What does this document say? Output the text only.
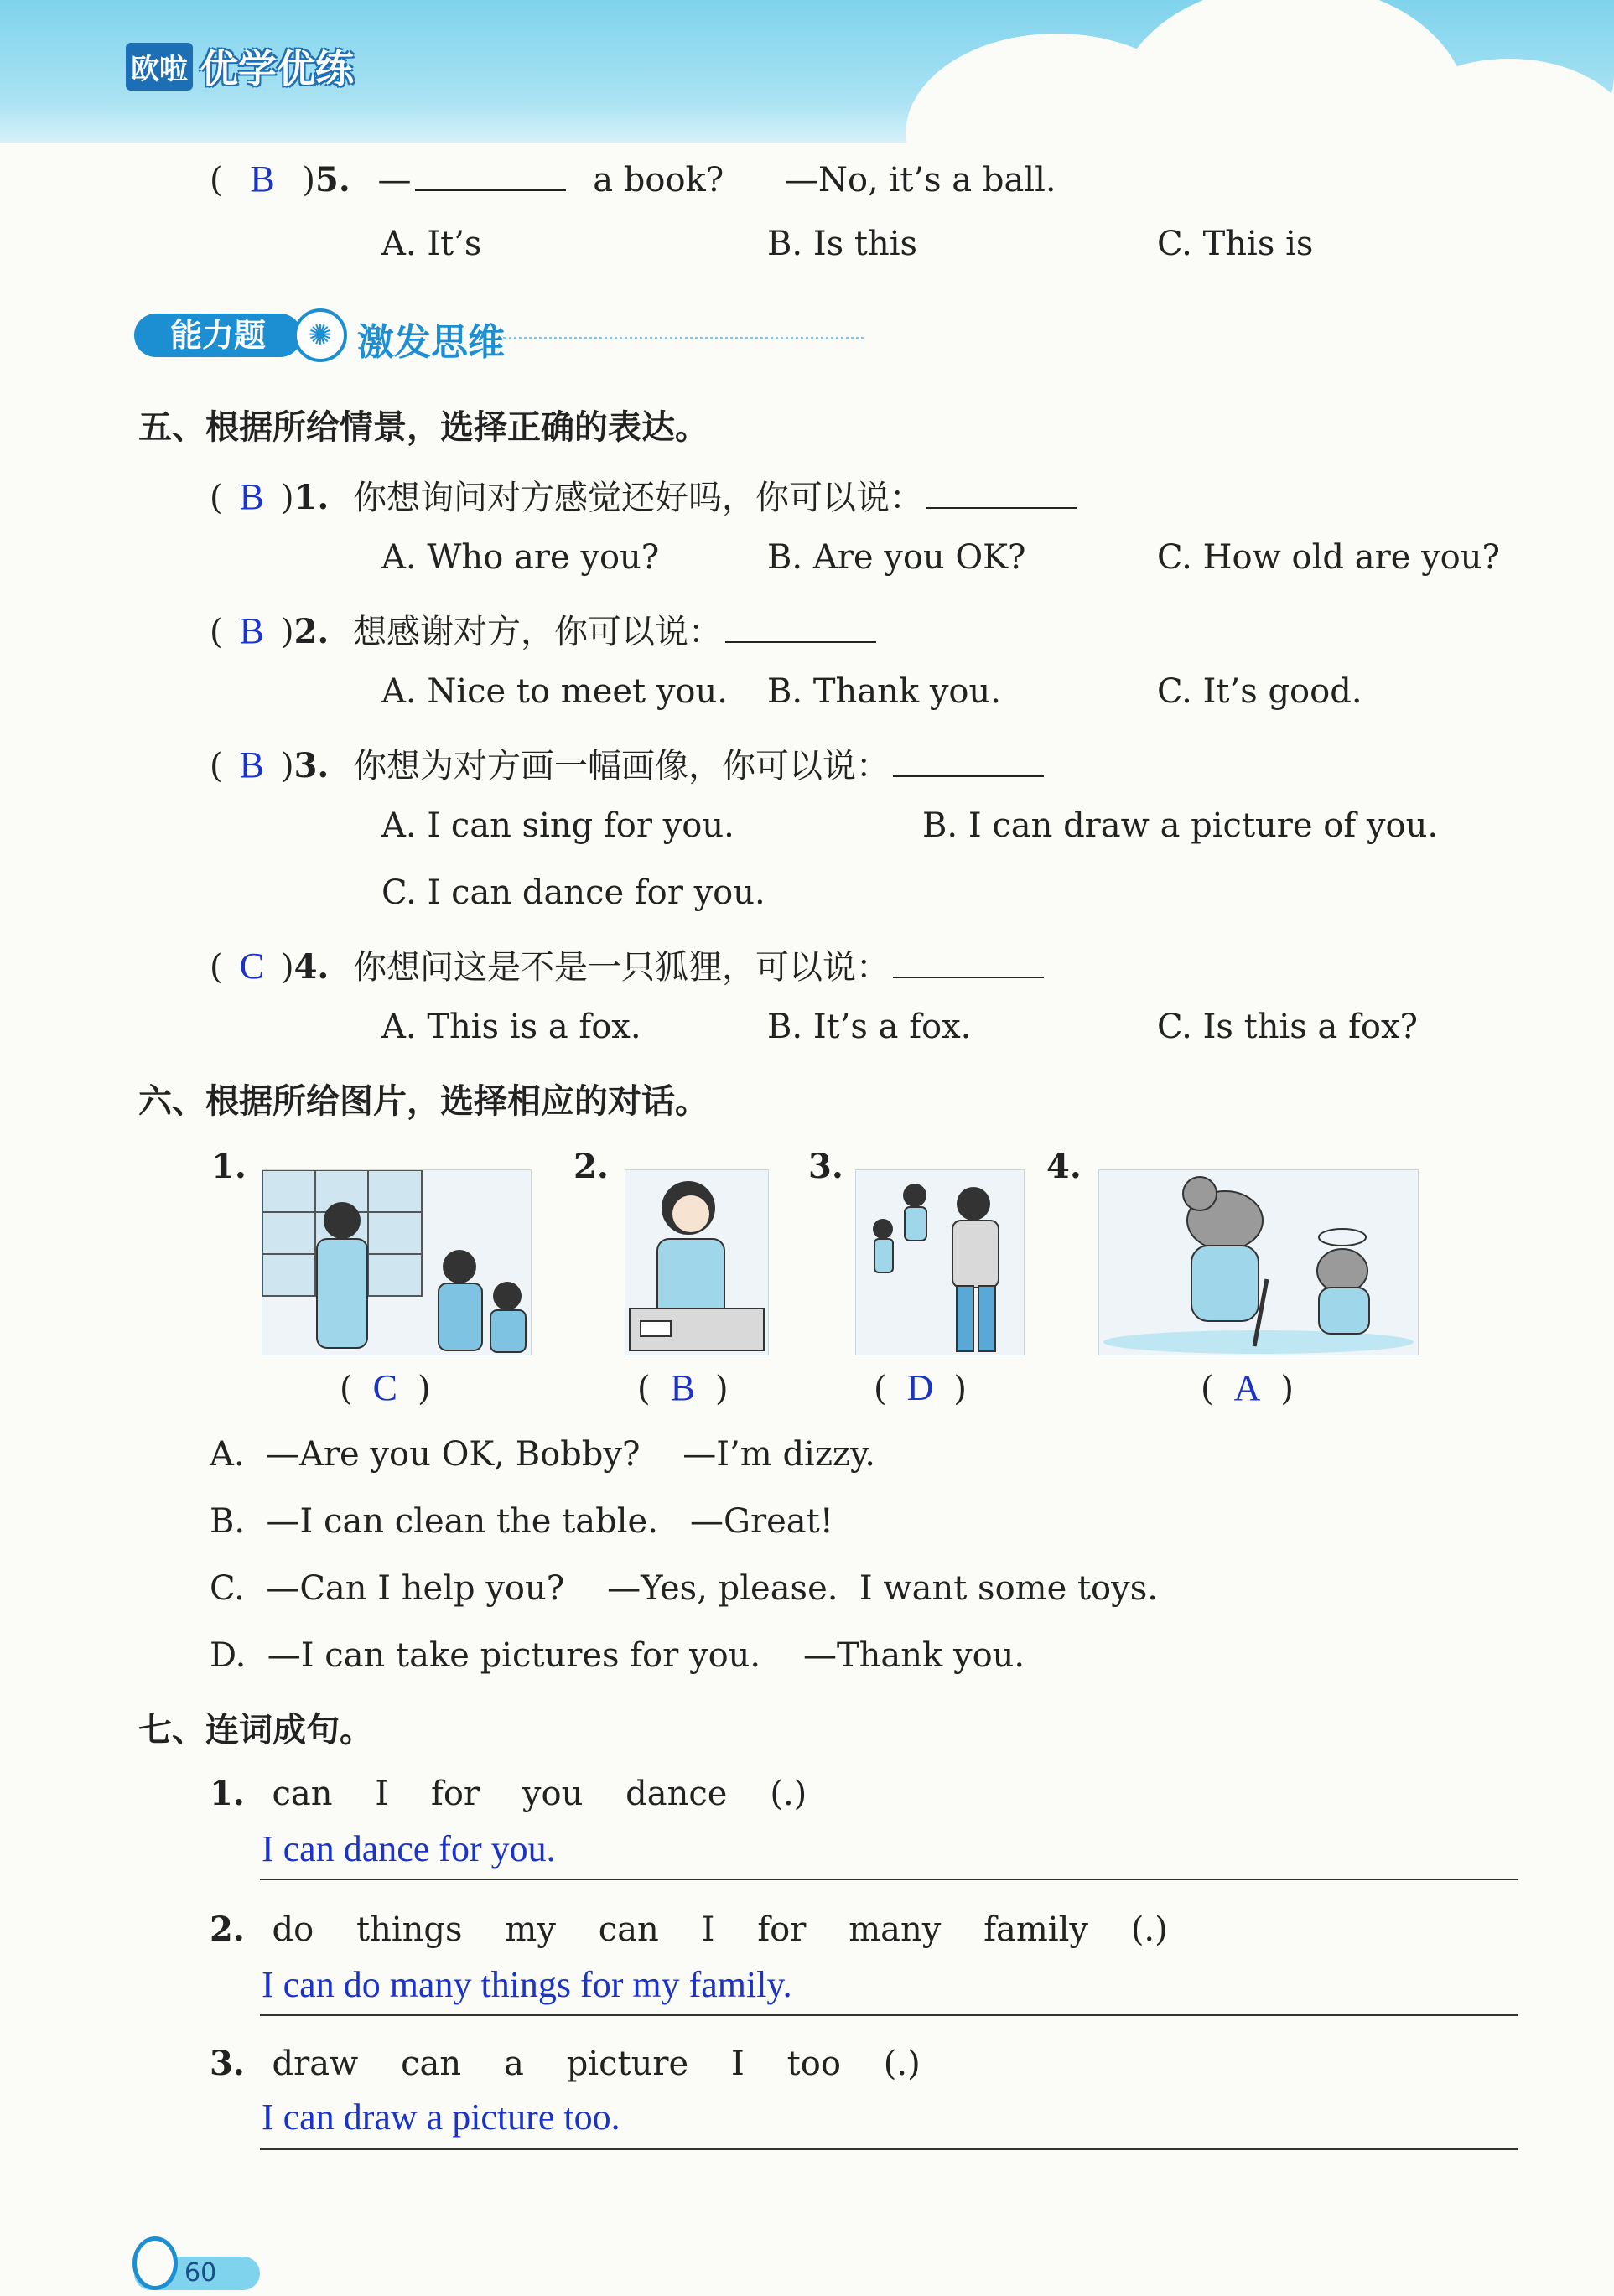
欧啦 优学优练
( B )5. —	a book? —No, it’s a ball.
A. It’s	B. Is this	C. This is
能力题	✺ 激发思维
五、根据所给情景，选择正确的表达。
( B )1. 你想询问对方感觉还好吗，你可以说：
A. Who are you?	B. Are you OK?	C. How old are you?
( B )2. 想感谢对方，你可以说：
A. Nice to meet you. B. Thank you.	C. It’s good.
( B )3. 你想为对方画一幅画像，你可以说：
A. I can sing for you.	B. I can draw a picture of you.
C. I can dance for you.
( C )4. 你想问这是不是一只狐狸，可以说：
A. This is a fox.	B. It’s a fox.	C. Is this a fox?
六、根据所给图片，选择相应的对话。
1.	2.	3.	4.
( C )	( B )	( D )	( A )
A.  —Are you OK, Bobby?    —I’m dizzy.
B.  —I can clean the table.   —Great!
C.  —Can I help you?    —Yes, please.  I want some toys.
D.  —I can take pictures for you.    —Thank you.
七、连词成句。
1. can    I    for    you    dance    (.)
I can dance for you.
2. do    things    my    can    I    for    many    family    (.)
I can do many things for my family.
3. draw    can    a    picture    I    too    (.)
I can draw a picture too.
60
